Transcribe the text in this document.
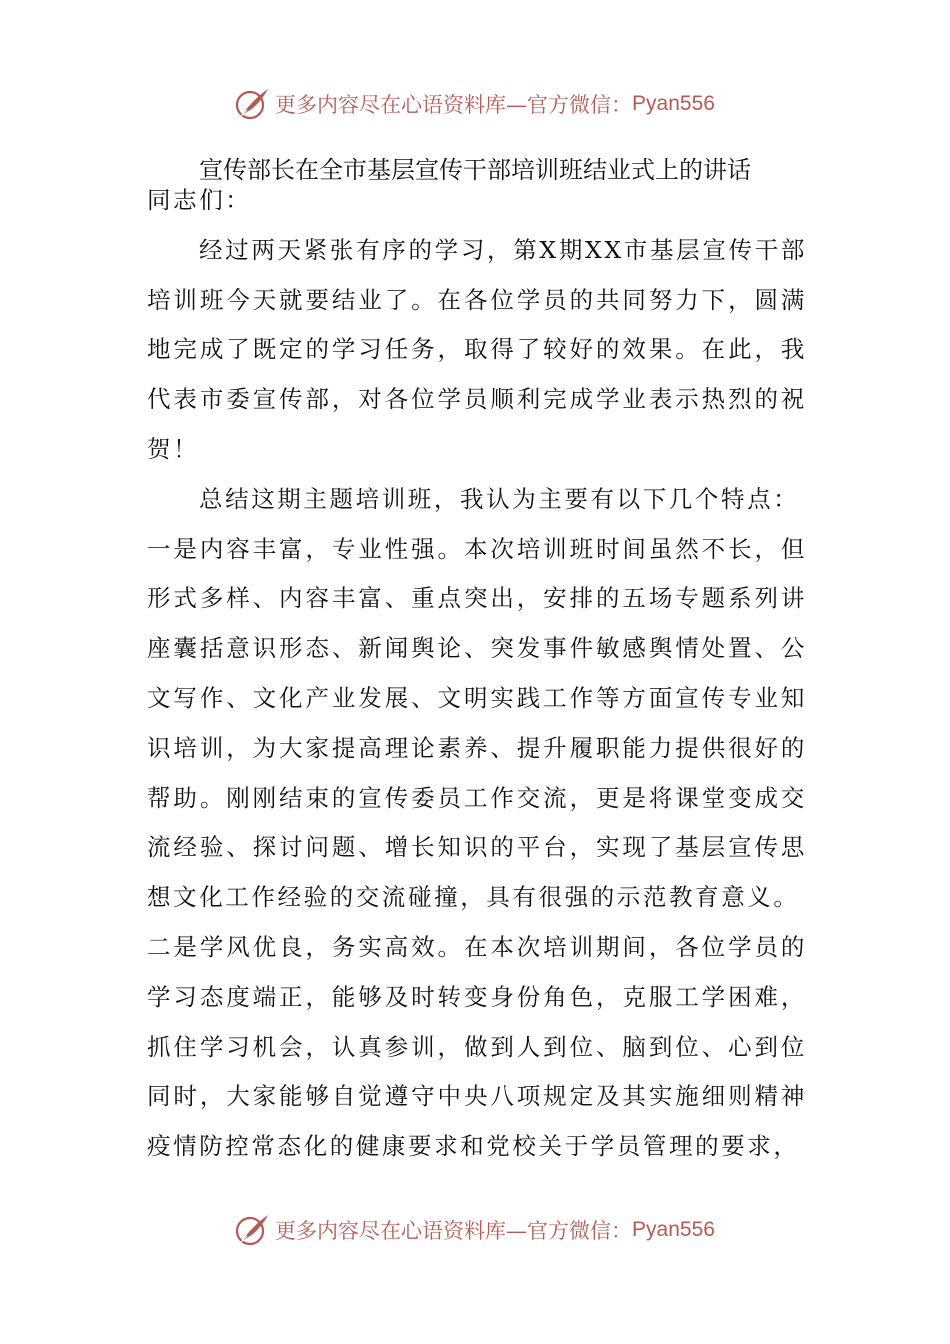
更多内容尽在心语资料库—官方微信： Pyan556
宣传部长在全市基层宣传干部培训班结业式上的讲话

同志们：

经过两天紧张有序的学习，第X期XX市基层宣传干部培训班今天就要结业了。在各位学员的共同努力下，圆满地完成了既定的学习任务，取得了较好的效果。在此，我代表市委宣传部，对各位学员顺利完成学业表示热烈的祝贺！

总结这期主题培训班，我认为主要有以下几个特点：

一是内容丰富，专业性强。本次培训班时间虽然不长，但形式多样、内容丰富、重点突出，安排的五场专题系列讲座囊括意识形态、新闻舆论、突发事件敏感舆情处置、公文写作、文化产业发展、文明实践工作等方面宣传专业知识培训，为大家提高理论素养、提升履职能力提供很好的帮助。刚刚结束的宣传委员工作交流，更是将课堂变成交流经验、探讨问题、增长知识的平台，实现了基层宣传思想文化工作经验的交流碰撞，具有很强的示范教育意义。

二是学风优良，务实高效。在本次培训期间，各位学员的学习态度端正，能够及时转变身份角色，克服工学困难，抓住学习机会，认真参训，做到人到位、脑到位、心到位同时，大家能够自觉遵守中央八项规定及其实施细则精神疫情防控常态化的健康要求和党校关于学员管理的要求，

更多内容尽在心语资料库—官方微信： Pyan556
